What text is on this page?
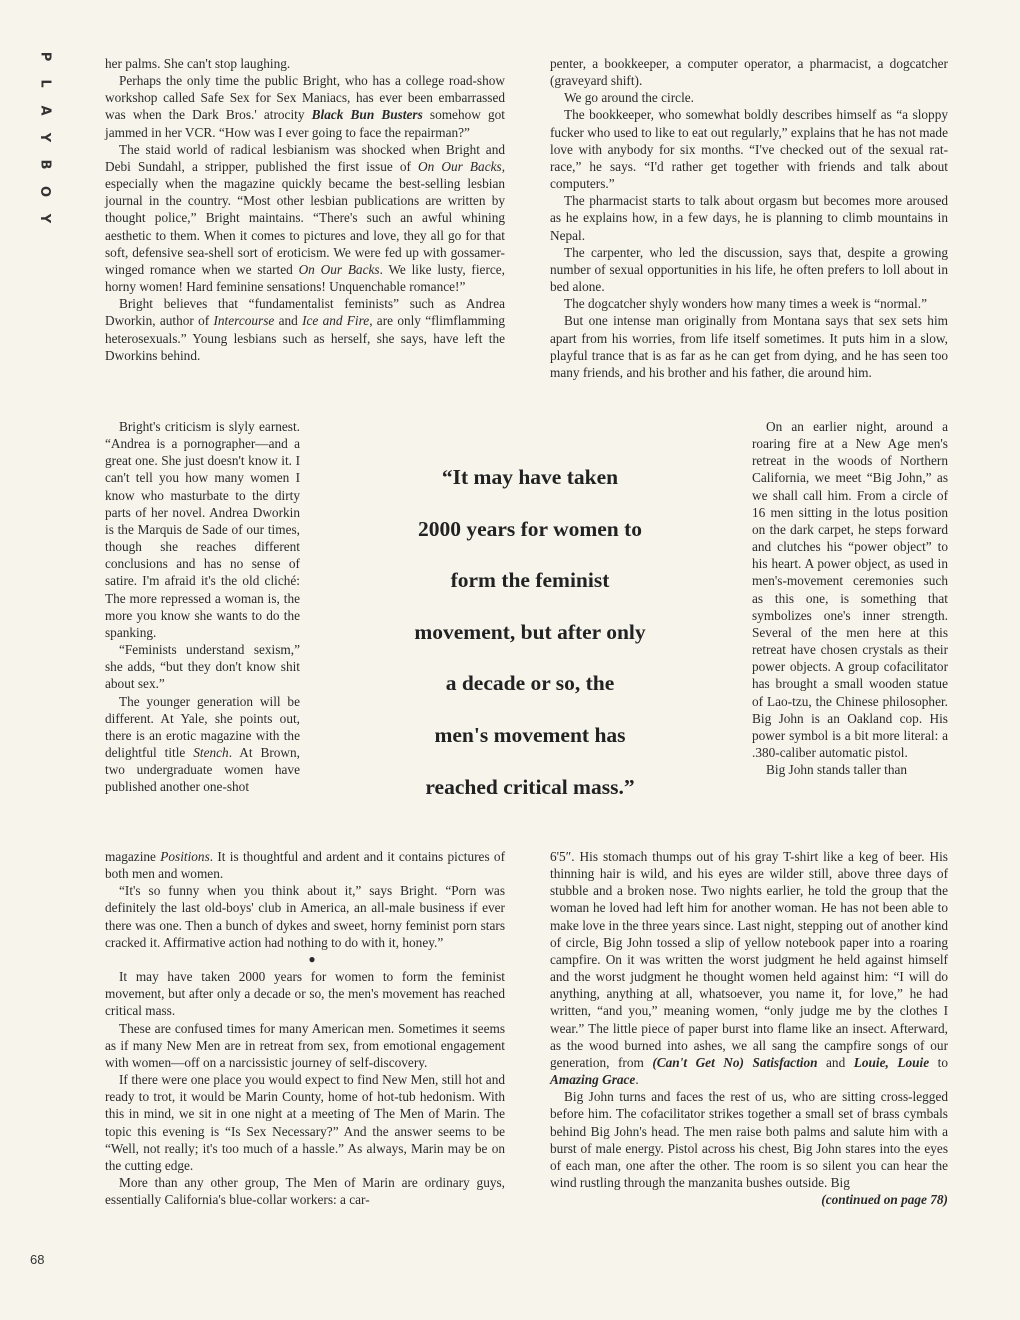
P
L
A
Y
B
O
Y
68

her palms. She can't stop laughing.

Perhaps the only time the public Bright, who has a college road-show workshop called Safe Sex for Sex Maniacs, has ever been embarrassed was when the Dark Bros.' atrocity Black Bun Busters somehow got jammed in her VCR. “How was I ever going to face the repairman?”

The staid world of radical lesbianism was shocked when Bright and Debi Sundahl, a stripper, published the first issue of On Our Backs, especially when the magazine quickly became the best-selling lesbian journal in the country. “Most other lesbian publications are written by thought police,” Bright maintains. “There's such an awful whining aesthetic to them. When it comes to pictures and love, they all go for that soft, defensive sea-shell sort of eroticism. We were fed up with gossamer-winged romance when we started On Our Backs. We like lusty, fierce, horny women! Hard feminine sensations! Unquenchable romance!”

Bright believes that “fundamentalist feminists” such as Andrea Dworkin, author of Intercourse and Ice and Fire, are only “flimflamming heterosexuals.” Young lesbians such as herself, she says, have left the Dworkins behind.

Bright's criticism is slyly earnest. “Andrea is a pornographer—and a great one. She just doesn't know it. I can't tell you how many women I know who masturbate to the dirty parts of her novel. Andrea Dworkin is the Marquis de Sade of our times, though she reaches different conclusions and has no sense of satire. I'm afraid it's the old cliché: The more repressed a woman is, the more you know she wants to do the spanking.

“Feminists understand sexism,” she adds, “but they don't know shit about sex.”

The younger generation will be different. At Yale, she points out, there is an erotic magazine with the delightful title Stench. At Brown, two undergraduate women have published another one-shot

“It may have taken
2000 years for women to
form the feminist
movement, but after only
a decade or so, the
men's movement has
reached critical mass.”

magazine Positions. It is thoughtful and ardent and it contains pictures of both men and women.

“It's so funny when you think about it,” says Bright. “Porn was definitely the last old-boys' club in America, an all-male business if ever there was one. Then a bunch of dykes and sweet, horny feminist porn stars cracked it. Affirmative action had nothing to do with it, honey.”

●

It may have taken 2000 years for women to form the feminist movement, but after only a decade or so, the men's movement has reached critical mass.

These are confused times for many American men. Sometimes it seems as if many New Men are in retreat from sex, from emotional engagement with women—off on a narcissistic journey of self-discovery.

If there were one place you would expect to find New Men, still hot and ready to trot, it would be Marin County, home of hot-tub hedonism. With this in mind, we sit in one night at a meeting of The Men of Marin. The topic this evening is “Is Sex Necessary?” And the answer seems to be “Well, not really; it's too much of a hassle.” As always, Marin may be on the cutting edge.

More than any other group, The Men of Marin are ordinary guys, essentially California's blue-collar workers: a car-

penter, a bookkeeper, a computer operator, a pharmacist, a dogcatcher (graveyard shift).

We go around the circle.

The bookkeeper, who somewhat boldly describes himself as “a sloppy fucker who used to like to eat out regularly,” explains that he has not made love with anybody for six months. “I've checked out of the sexual rat-race,” he says. “I'd rather get together with friends and talk about computers.”

The pharmacist starts to talk about orgasm but becomes more aroused as he explains how, in a few days, he is planning to climb mountains in Nepal.

The carpenter, who led the discussion, says that, despite a growing number of sexual opportunities in his life, he often prefers to loll about in bed alone.

The dogcatcher shyly wonders how many times a week is “normal.”

But one intense man originally from Montana says that sex sets him apart from his worries, from life itself sometimes. It puts him in a slow, playful trance that is as far as he can get from dying, and he has seen too many friends, and his brother and his father, die around him.

On an earlier night, around a roaring fire at a New Age men's retreat in the woods of Northern California, we meet “Big John,” as we shall call him. From a circle of 16 men sitting in the lotus position on the dark carpet, he steps forward and clutches his “power object” to his heart. A power object, as used in men's-movement ceremonies such as this one, is something that symbolizes one's inner strength. Several of the men here at this retreat have chosen crystals as their power objects. A group cofacilitator has brought a small wooden statue of Lao-tzu, the Chinese philosopher. Big John is an Oakland cop. His power symbol is a bit more literal: a .380-caliber automatic pistol.

Big John stands taller than

6'5″. His stomach thumps out of his gray T-shirt like a keg of beer. His thinning hair is wild, and his eyes are wilder still, above three days of stubble and a broken nose. Two nights earlier, he told the group that the woman he loved had left him for another woman. He has not been able to make love in the three years since. Last night, stepping out of another kind of circle, Big John tossed a slip of yellow notebook paper into a roaring campfire. On it was written the worst judgment he held against himself and the worst judgment he thought women held against him: “I will do anything, anything at all, whatsoever, you name it, for love,” he had written, “and you,” meaning women, “only judge me by the clothes I wear.” The little piece of paper burst into flame like an insect. Afterward, as the wood burned into ashes, we all sang the campfire songs of our generation, from (Can't Get No) Satisfaction and Louie, Louie to Amazing Grace.

Big John turns and faces the rest of us, who are sitting cross-legged before him. The cofacilitator strikes together a small set of brass cymbals behind Big John's head. The men raise both palms and salute him with a burst of male energy. Pistol across his chest, Big John stares into the eyes of each man, one after the other. The room is so silent you can hear the wind rustling through the manzanita bushes outside. Big

(continued on page 78)
